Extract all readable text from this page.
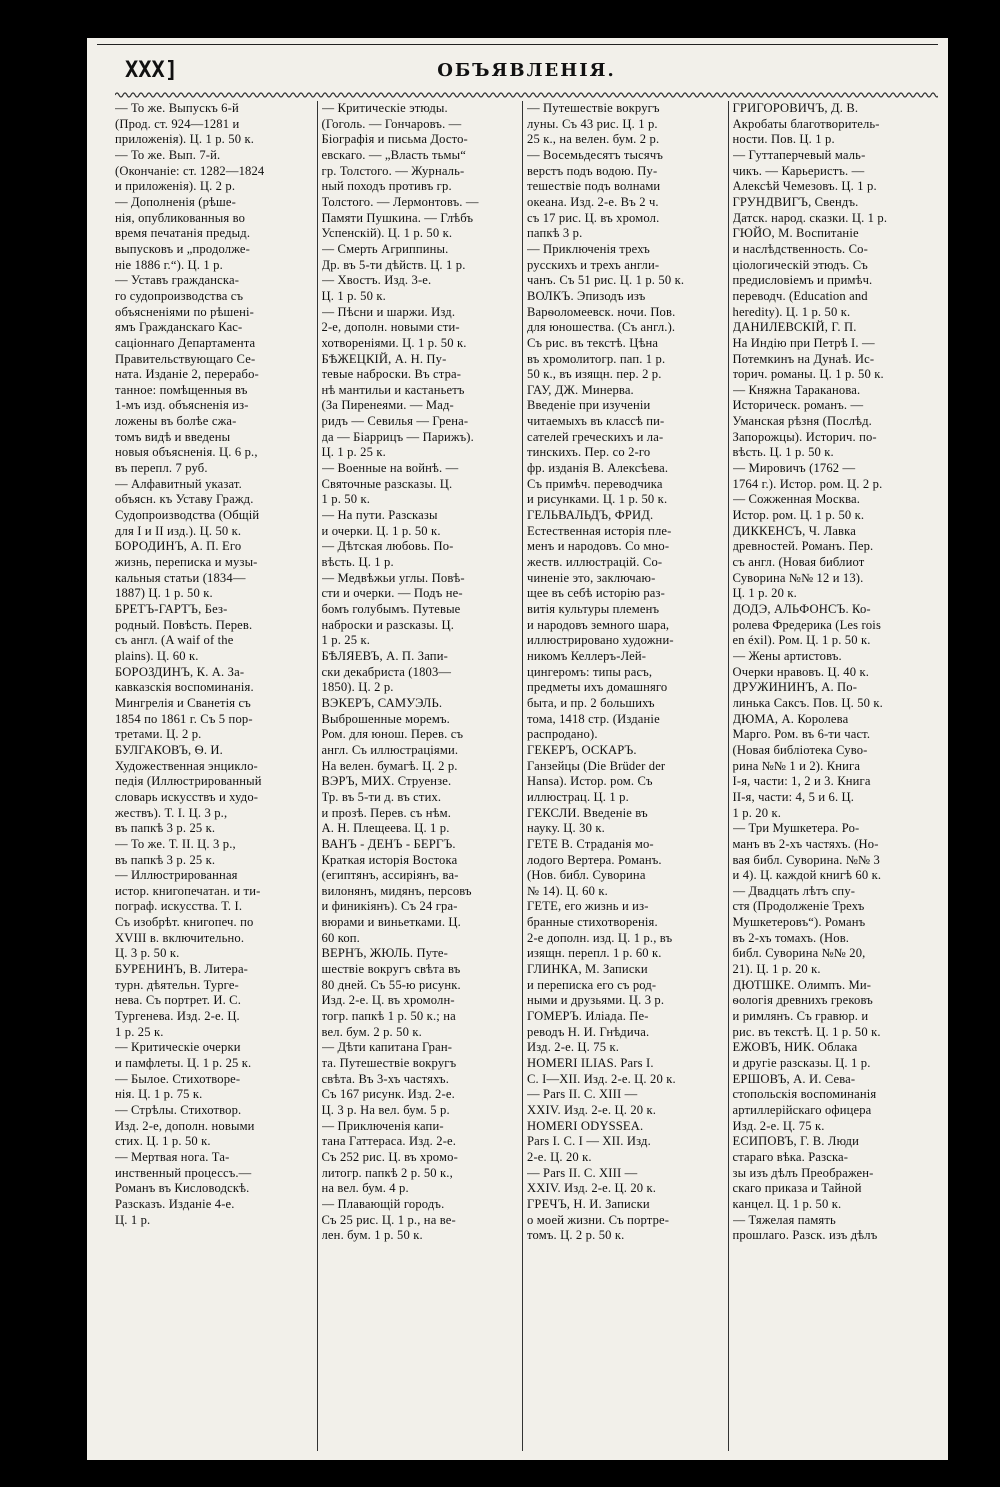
XXX]	ОБЪЯВЛЕНІЯ.
— То же. Выпускъ 6-й
(Прод. ст. 924—1281 и
приложенія). Ц. 1 р. 50 к.
— То же. Вып. 7-й.
(Окончаніе: ст. 1282—1824
и приложенія). Ц. 2 р.
— Дополненія (рѣше-
нія, опубликованныя во
время печатанія предыд.
выпусковъ и „продолже-
ніе 1886 г.“). Ц. 1 р.
— Уставъ гражданска-
го судопроизводства съ
объясненіями по рѣшені-
ямъ Гражданскаго Кас-
саціоннаго Департамента
Правительствующаго Се-
ната. Изданіе 2, перерабо-
танное: помѣщенныя въ
1-мъ изд. объясненія из-
ложены въ болѣе сжа-
томъ видѣ и введены
новыя объясненія. Ц. 6 р.,
въ перепл. 7 руб.
— Алфавитный указат.
объясн. къ Уставу Гражд.
Судопроизводства (Общій
для I и II изд.). Ц. 50 к.
БОРОДИНЪ, А. П. Его
жизнь, переписка и музы-
кальныя статьи (1834—
1887) Ц. 1 р. 50 к.
БРЕТЪ-ГАРТЪ, Без-
родный. Повѣсть. Перев.
съ англ. (A waif of the
plains). Ц. 60 к.
БОРОЗДИНЪ, К. А. За-
кавказскія воспоминанія.
Мингрелія и Сванетія съ
1854 по 1861 г. Съ 5 пор-
третами. Ц. 2 р.
БУЛГАКОВЪ, Ѳ. И.
Художественная энцикло-
педія (Иллюстрированный
словарь искусствъ и худо-
жествъ). Т. I. Ц. 3 р.,
въ папкѣ 3 р. 25 к.
— То же. Т. II. Ц. 3 р.,
въ папкѣ 3 р. 25 к.
— Иллюстрированная
истор. книгопечатан. и ти-
пограф. искусства. Т. I.
Съ изобрѣт. книгопеч. по
XVIII в. включительно.
Ц. 3 р. 50 к.
БУРЕНИНЪ, В. Литера-
турн. дѣятельн. Турге-
нева. Съ портрет. И. С.
Тургенева. Изд. 2-е. Ц.
1 р. 25 к.
— Критическіе очерки
и памфлеты. Ц. 1 р. 25 к.
— Былое. Стихотворе-
нія. Ц. 1 р. 75 к.
— Стрѣлы. Стихотвор.
Изд. 2-е, дополн. новыми
стих. Ц. 1 р. 50 к.
— Мертвая нога. Та-
инственный процессъ.—
Романъ въ Кисловодскѣ.
Разсказъ. Изданіе 4-е.
Ц. 1 р.
— Критическіе этюды.
(Гоголь. — Гончаровъ. —
Біографія и письма Досто-
евскаго. — „Власть тьмы“
гр. Толстого. — Журналь-
ный походъ противъ гр.
Толстого. — Лермонтовъ. —
Памяти Пушкина. — Глѣбъ
Успенскій). Ц. 1 р. 50 к.
— Смерть Агриппины.
Др. въ 5-ти дѣйств. Ц. 1 р.
— Хвостъ. Изд. 3-е.
Ц. 1 р. 50 к.
— Пѣсни и шаржи. Изд.
2-е, дополн. новыми сти-
хотвореніями. Ц. 1 р. 50 к.
БѢЖЕЦКІЙ, А. Н. Пу-
тевые наброски. Въ стра-
нѣ мантильи и кастаньетъ
(За Пиренеями. — Мад-
ридъ — Севилья — Грена-
да — Біаррицъ — Парижъ).
Ц. 1 р. 25 к.
— Военные на войнѣ. —
Святочные разсказы. Ц.
1 р. 50 к.
— На пути. Разсказы
и очерки. Ц. 1 р. 50 к.
— Дѣтская любовь. По-
вѣсть. Ц. 1 р.
— Медвѣжьи углы. Повѣ-
сти и очерки. — Подъ не-
бомъ голубымъ. Путевые
наброски и разсказы. Ц.
1 р. 25 к.
БѢЛЯЕВЪ, А. П. Запи-
ски декабриста (1803—
1850). Ц. 2 р.
ВЭКЕРЪ, САМУЭЛЬ.
Выброшенные моремъ.
Ром. для юнош. Перев. съ
англ. Съ иллюстраціями.
На велен. бумагѣ. Ц. 2 р.
ВЭРЪ, МИХ. Струензе.
Тр. въ 5-ти д. въ стих.
и прозѣ. Перев. съ нѣм.
А. Н. Плещеева. Ц. 1 р.
ВАНЪ - ДЕНЪ - БЕРГЪ.
Краткая исторія Востока
(египтянъ, ассиріянъ, ва-
вилонянъ, мидянъ, персовъ
и финикіянъ). Съ 24 гра-
вюрами и виньетками. Ц.
60 коп.
ВЕРНЪ, ЖЮЛЬ. Путе-
шествіе вокругъ свѣта въ
80 дней. Съ 55-ю рисунк.
Изд. 2-е. Ц. въ хромолн-
тогр. папкѣ 1 р. 50 к.; на
вел. бум. 2 р. 50 к.
— Дѣти капитана Гран-
та. Путешествіе вокругъ
свѣта. Въ 3-хъ частяхъ.
Съ 167 рисунк. Изд. 2-е.
Ц. 3 р. На вел. бум. 5 р.
— Приключенія капи-
тана Гаттераса. Изд. 2-е.
Съ 252 рис. Ц. въ хромо-
литогр. папкѣ 2 р. 50 к.,
на вел. бум. 4 р.
— Плавающій городъ.
Съ 25 рис. Ц. 1 р., на ве-
лен. бум. 1 р. 50 к.
— Путешествіе вокругъ
луны. Съ 43 рис. Ц. 1 р.
25 к., на велен. бум. 2 р.
— Восемьдесятъ тысячъ
верстъ подъ водою. Пу-
тешествіе подъ волнами
океана. Изд. 2-е. Въ 2 ч.
съ 17 рис. Ц. въ хромол.
папкѣ 3 р.
— Приключенія трехъ
русскихъ и трехъ англи-
чанъ. Съ 51 рис. Ц. 1 р. 50 к.
ВОЛКЪ. Эпизодъ изъ
Варѳоломеевск. ночи. Пов.
для юношества. (Съ англ.).
Съ рис. въ текстѣ. Цѣна
въ хромолитогр. пап. 1 р.
50 к., въ изящн. пер. 2 р.
ГАУ, ДЖ. Минерва.
Введеніе при изученіи
читаемыхъ въ классѣ пи-
сателей греческихъ и ла-
тинскихъ. Пер. со 2-го
фр. изданія В. Алексѣева.
Съ примѣч. переводчика
и рисунками. Ц. 1 р. 50 к.
ГЕЛЬВАЛЬДЪ, ФРИД.
Естественная исторія пле-
менъ и народовъ. Со мно-
жеств. иллюстрацій. Со-
чиненіе это, заключаю-
щее въ себѣ исторію раз-
витія культуры племенъ
и народовъ земного шара,
иллюстрировано художни-
никомъ Келлеръ-Лей-
цингеромъ: типы расъ,
предметы ихъ домашняго
быта, и пр. 2 большихъ
тома, 1418 стр. (Изданіе
распродано).
ГЕКЕРЪ, ОСКАРЪ.
Ганзейцы (Die Brüder der
Hansa). Истор. ром. Съ
иллюстрац. Ц. 1 р.
ГЕКСЛИ. Введеніе въ
науку. Ц. 30 к.
ГЕТЕ В. Страданія мо-
лодого Вертера. Романъ.
(Нов. библ. Суворина
№ 14). Ц. 60 к.
ГЕТЕ, его жизнь и из-
бранные стихотворенія.
2-е дополн. изд. Ц. 1 р., въ
изящн. перепл. 1 р. 60 к.
ГЛИНКА, М. Записки
и переписка его съ род-
ными и друзьями. Ц. 3 р.
ГОМЕРЪ. Иліада. Пе-
реводъ Н. И. Гнѣдича.
Изд. 2-е. Ц. 75 к.
HOMERI ILIAS. Pars I.
C. I—XII. Изд. 2-е. Ц. 20 к.
— Pars II. C. XIII —
XXIV. Изд. 2-е. Ц. 20 к.
HOMERI ODYSSEA.
Pars I. C. I — XII. Изд.
2-е. Ц. 20 к.
— Pars II. C. XIII —
XXIV. Изд. 2-е. Ц. 20 к.
ГРЕЧЪ, Н. И. Записки
о моей жизни. Съ портре-
томъ. Ц. 2 р. 50 к.
ГРИГОРОВИЧЪ, Д. В.
Акробаты благотворитель-
ности. Пов. Ц. 1 р.
— Гуттаперчевый маль-
чикъ. — Карьеристъ. —
Алексѣй Чемезовъ. Ц. 1 р.
ГРУНДВИГЪ, Свендъ.
Датск. народ. сказки. Ц. 1 р.
ГЮЙО, М. Воспитаніе
и наслѣдственность. Со-
ціологическій этюдъ. Съ
предисловіемъ и примѣч.
переводч. (Education and
heredity). Ц. 1 р. 50 к.
ДАНИЛЕВСКІЙ, Г. П.
На Индію при Петрѣ I. —
Потемкинъ на Дунаѣ. Ис-
торич. романы. Ц. 1 р. 50 к.
— Княжна Тараканова.
Историческ. романъ. —
Уманская рѣзня (Послѣд.
Запорожцы). Историч. по-
вѣсть. Ц. 1 р. 50 к.
— Мировичъ (1762 —
1764 г.). Истор. ром. Ц. 2 р.
— Сожженная Москва.
Истор. ром. Ц. 1 р. 50 к.
ДИККЕНСЪ, Ч. Лавка
древностей. Романъ. Пер.
съ англ. (Новая библиот
Суворина №№ 12 и 13).
Ц. 1 р. 20 к.
ДОДЭ, АЛЬФОНСЪ. Ко-
ролева Фредерика (Les rois
en éxil). Ром. Ц. 1 р. 50 к.
— Жены артистовъ.
Очерки нравовъ. Ц. 40 к.
ДРУЖИНИНЪ, А. По-
линька Саксъ. Пов. Ц. 50 к.
ДЮМА, А. Королева
Марго. Ром. въ 6-ти част.
(Новая библіотека Суво-
рина №№ 1 и 2). Книга
I-я, части: 1, 2 и 3. Книга
II-я, части: 4, 5 и 6. Ц.
1 р. 20 к.
— Три Мушкетера. Ро-
манъ въ 2-хъ частяхъ. (Но-
вая библ. Суворина. №№ 3
и 4). Ц. каждой книгѣ 60 к.
— Двадцать лѣтъ спу-
стя (Продолженіе Трехъ
Мушкетеровъ“). Романъ
въ 2-хъ томахъ. (Нов.
библ. Суворина №№ 20,
21). Ц. 1 р. 20 к.
ДЮТШКЕ. Олимпъ. Ми-
ѳологія древнихъ грековъ
и римлянъ. Съ гравюр. и
рис. въ текстѣ. Ц. 1 р. 50 к.
ЕЖОВЪ, НИК. Облака
и другіе разсказы. Ц. 1 р.
ЕРШОВЪ, А. И. Сева-
стопольскія воспоминанія
артиллерійскаго офицера
Изд. 2-е. Ц. 75 к.
ЕСИПОВЪ, Г. В. Люди
стараго вѣка. Разска-
зы изъ дѣлъ Преображен-
скаго приказа и Тайной
канцел. Ц. 1 р. 50 к.
— Тяжелая память
прошлаго. Разск. изъ дѣлъ
